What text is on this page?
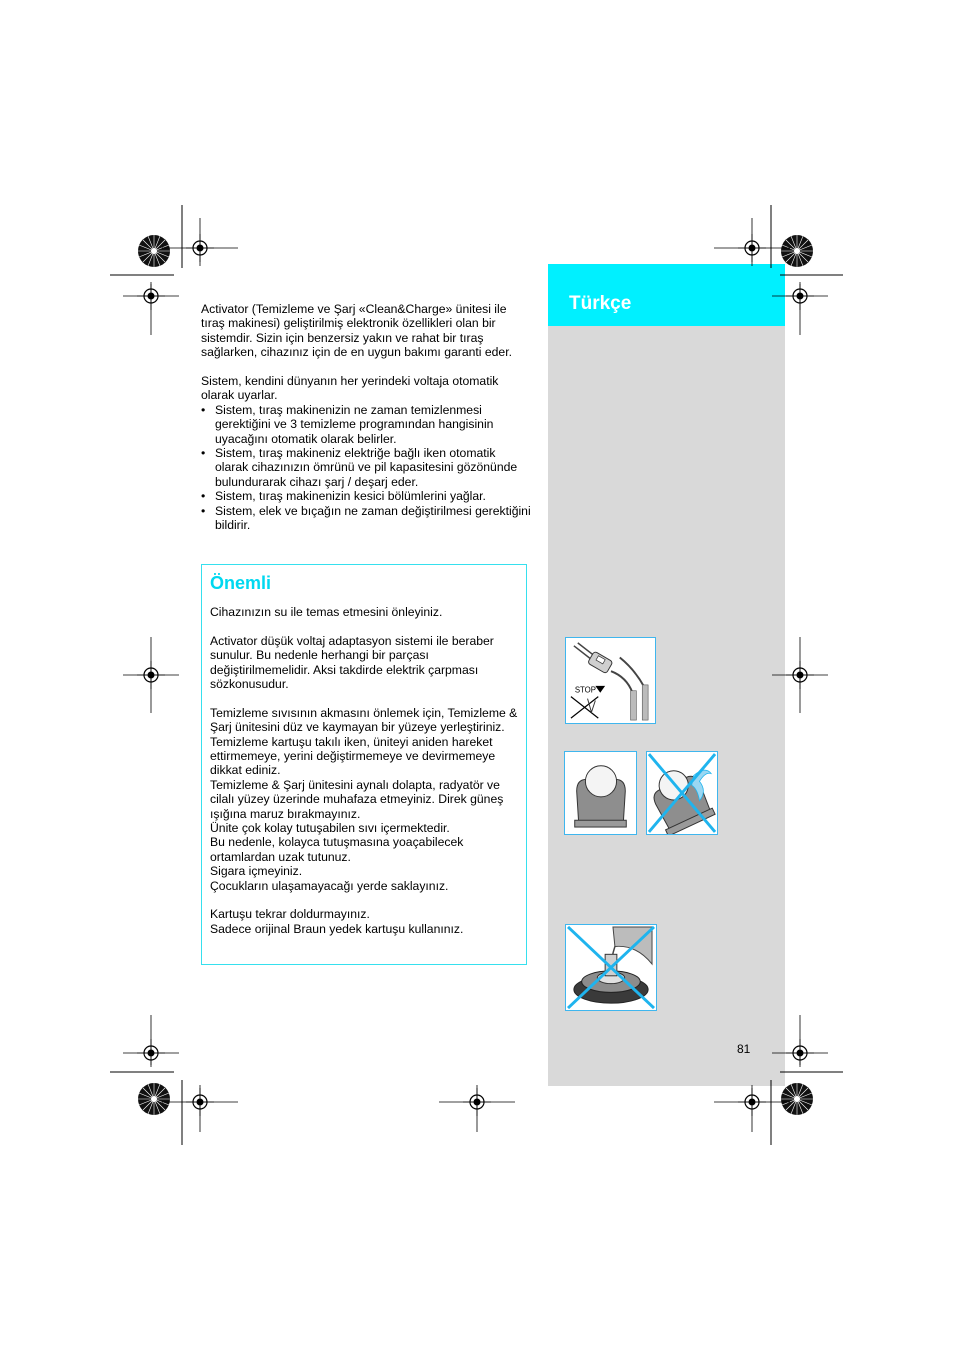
Türkçe

Activator (Temizleme ve Şarj «Clean&Charge» ünitesi ile tıraş makinesi) geliştirilmiş elektronik özellikleri olan bir sistemdir. Sizin için benzersiz yakın ve rahat bir tıraş sağlarken, cihazınız için de en uygun bakımı garanti eder.

Sistem, kendini dünyanın her yerindeki voltaja otomatik olarak uyarlar.

• Sistem, tıraş makinenizin ne zaman temizlenmesi gerektiğini ve 3 temizleme programından hangisinin uyacağını otomatik olarak belirler.
• Sistem, tıraş makineniz elektriğe bağlı iken otomatik olarak cihazınızın ömrünü ve pil kapasitesini gözönünde bulundurarak cihazı şarj / deşarj eder.
• Sistem, tıraş makinenizin kesici bölümlerini yağlar.
• Sistem, elek ve bıçağın ne zaman değiştirilmesi gerektiğini bildirir.
Önemli

Cihazınızın su ile temas etmesini önleyiniz.

Activator düşük voltaj adaptasyon sistemi ile beraber sunulur. Bu nedenle herhangi bir parçası değiştirilmemelidir. Aksi takdirde elektrik çarpması sözkonusudur.

Temizleme sıvısının akmasını önlemek için, Temizleme & Şarj ünitesini düz ve kaymayan bir yüzeye yerleştiriniz.
Temizleme kartuşu takılı iken, üniteyi aniden hareket ettirmemeye, yerini değiştirmemeye ve devirmemeye dikkat ediniz.
Temizleme & Şarj ünitesini aynalı dolapta, radyatör ve cilalı yüzey üzerinde muhafaza etmeyiniz. Direk güneş ışığına maruz bırakmayınız.
Ünite çok kolay tutuşabilen sıvı içermektedir.
Bu nedenle, kolayca tutuşmasına yoaçabilecek ortamlardan uzak tutunuz.
Sigara içmeyiniz.
Çocukların ulaşamayacağı yerde saklayınız.

Kartuşu tekrar doldurmayınız.
Sadece orijinal Braun yedek kartuşu kullanınız.

STOP
81
